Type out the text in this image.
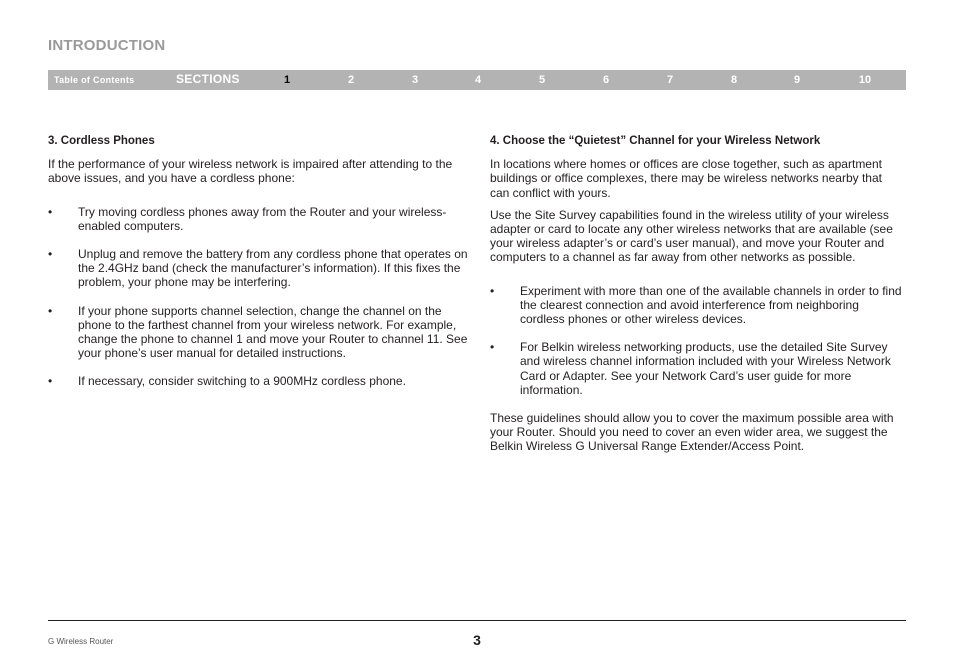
INTRODUCTION
Table of Contents	SECTIONS	1	2	3	4	5	6	7	8	9	10
3. Cordless Phones

If the performance of your wireless network is impaired after attending to the above issues, and you have a cordless phone:

• Try moving cordless phones away from the Router and your wireless-enabled computers.
• Unplug and remove the battery from any cordless phone that operates on the 2.4GHz band (check the manufacturer’s information). If this fixes the problem, your phone may be interfering.
• If your phone supports channel selection, change the channel on the phone to the farthest channel from your wireless network. For example, change the phone to channel 1 and move your Router to channel 11. See your phone’s user manual for detailed instructions.
• If necessary, consider switching to a 900MHz cordless phone.
4. Choose the “Quietest” Channel for your Wireless Network

In locations where homes or offices are close together, such as apartment buildings or office complexes, there may be wireless networks nearby that can conflict with yours.

Use the Site Survey capabilities found in the wireless utility of your wireless adapter or card to locate any other wireless networks that are available (see your wireless adapter’s or card’s user manual), and move your Router and computers to a channel as far away from other networks as possible.

• Experiment with more than one of the available channels in order to find the clearest connection and avoid interference from neighboring cordless phones or other wireless devices.
• For Belkin wireless networking products, use the detailed Site Survey and wireless channel information included with your Wireless Network Card or Adapter. See your Network Card’s user guide for more information.

These guidelines should allow you to cover the maximum possible area with your Router. Should you need to cover an even wider area, we suggest the Belkin Wireless G Universal Range Extender/Access Point.

G Wireless Router	3
